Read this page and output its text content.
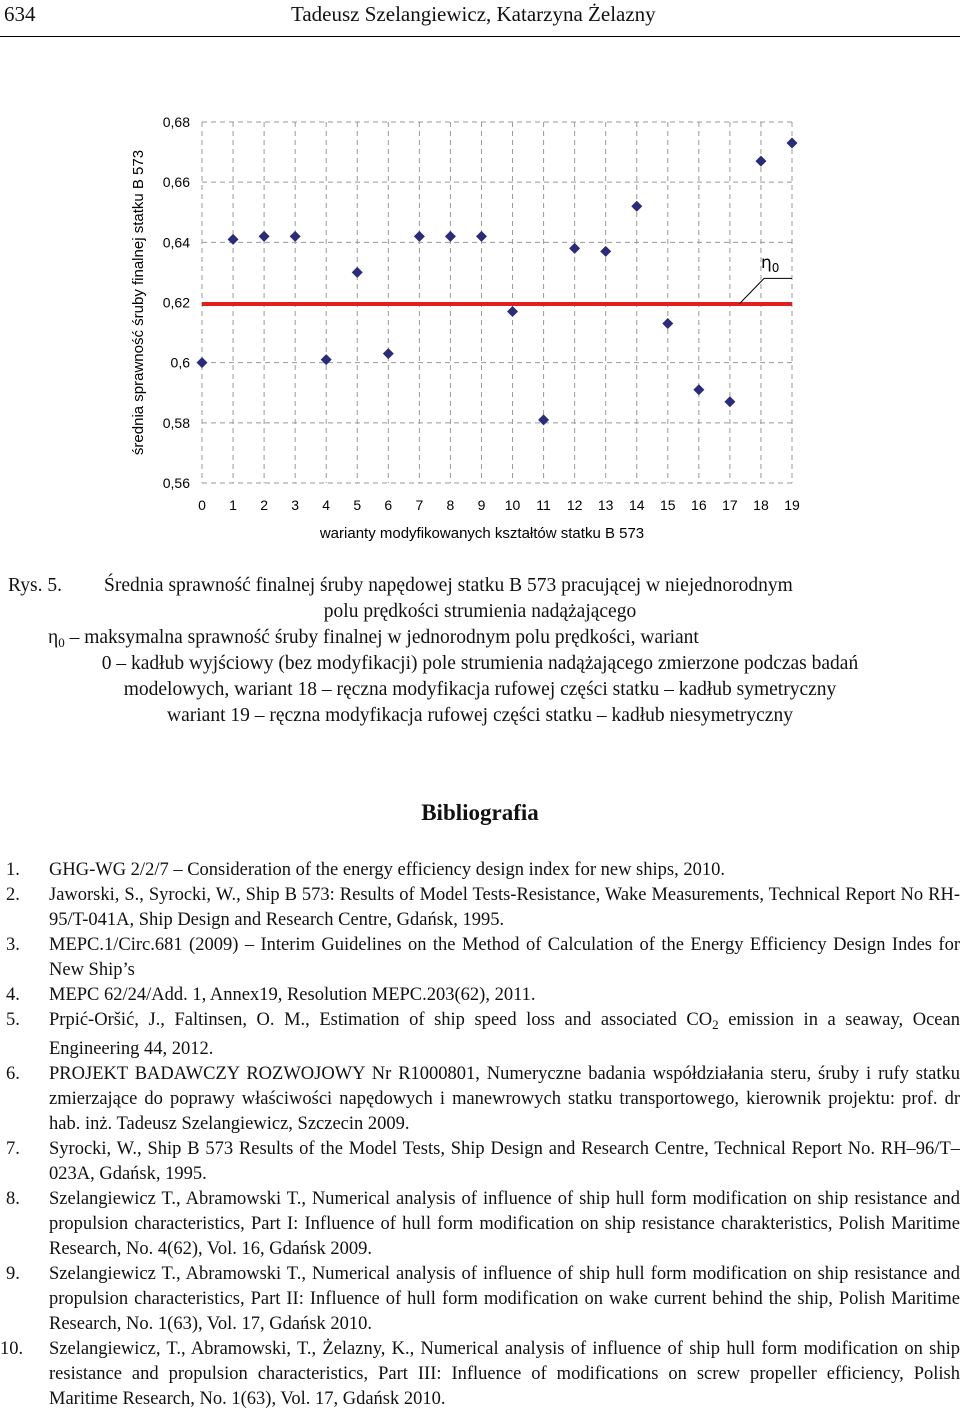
634	Tadeusz Szelangiewicz, Katarzyna Żelazny
0,56
0,58
0,6
0,62
0,64
0,66
0,68
0 1 2 3 4 5 6 7 8 9 10 11 12 13 14 15 16 17 18 19
$\eta_0$
średnia sprawność śruby finalnej statku B 573
warianty modyfikowanych kształtów statku B 573
Rys. 5. Średnia sprawność finalnej śruby napędowej statku B 573 pracującej w niejednorodnym
polu prędkości strumienia nadążającego
$\eta_0$ – maksymalna sprawność śruby finalnej w jednorodnym polu prędkości, wariant
0 – kadłub wyjściowy (bez modyfikacji) pole strumienia nadążającego zmierzone podczas badań
modelowych, wariant 18 – ręczna modyfikacja rufowej części statku – kadłub symetryczny
wariant 19 – ręczna modyfikacja rufowej części statku – kadłub niesymetryczny
Bibliografia
1. GHG-WG 2/2/7 – Consideration of the energy efficiency design index for new ships, 2010.
2. Jaworski, S., Syrocki, W., Ship B 573: Results of Model Tests-Resistance, Wake Measurements, Technical Report No RH-95/T-041A, Ship Design and Research Centre, Gdańsk, 1995.
3. MEPC.1/Circ.681 (2009) – Interim Guidelines on the Method of Calculation of the Energy Efficiency Design Indes for New Ship’s
4. MEPC 62/24/Add. 1, Annex19, Resolution MEPC.203(62), 2011.
5. Prpić-Oršić, J., Faltinsen, O. M., Estimation of ship speed loss and associated $CO_2$ emission in a seaway, Ocean Engineering 44, 2012.
6. PROJEKT BADAWCZY ROZWOJOWY Nr R1000801, Numeryczne badania współdziałania steru, śruby i rufy statku zmierzające do poprawy właściwości napędowych i manewrowych statku transportowego, kierownik projektu: prof. dr hab. inż. Tadeusz Szelangiewicz, Szczecin 2009.
7. Syrocki, W., Ship B 573 Results of the Model Tests, Ship Design and Research Centre, Technical Report No. RH–96/T–023A, Gdańsk, 1995.
8. Szelangiewicz T., Abramowski T., Numerical analysis of influence of ship hull form modification on ship resistance and propulsion characteristics, Part I: Influence of hull form modification on ship resistance charakteristics, Polish Maritime Research, No. 4(62), Vol. 16, Gdańsk 2009.
9. Szelangiewicz T., Abramowski T., Numerical analysis of influence of ship hull form modification on ship resistance and propulsion characteristics, Part II: Influence of hull form modification on wake current behind the ship, Polish Maritime Research, No. 1(63), Vol. 17, Gdańsk 2010.
10. Szelangiewicz, T., Abramowski, T., Żelazny, K., Numerical analysis of influence of ship hull form modification on ship resistance and propulsion characteristics, Part III: Influence of modifications on screw propeller efficiency, Polish Maritime Research, No. 1(63), Vol. 17, Gdańsk 2010.
